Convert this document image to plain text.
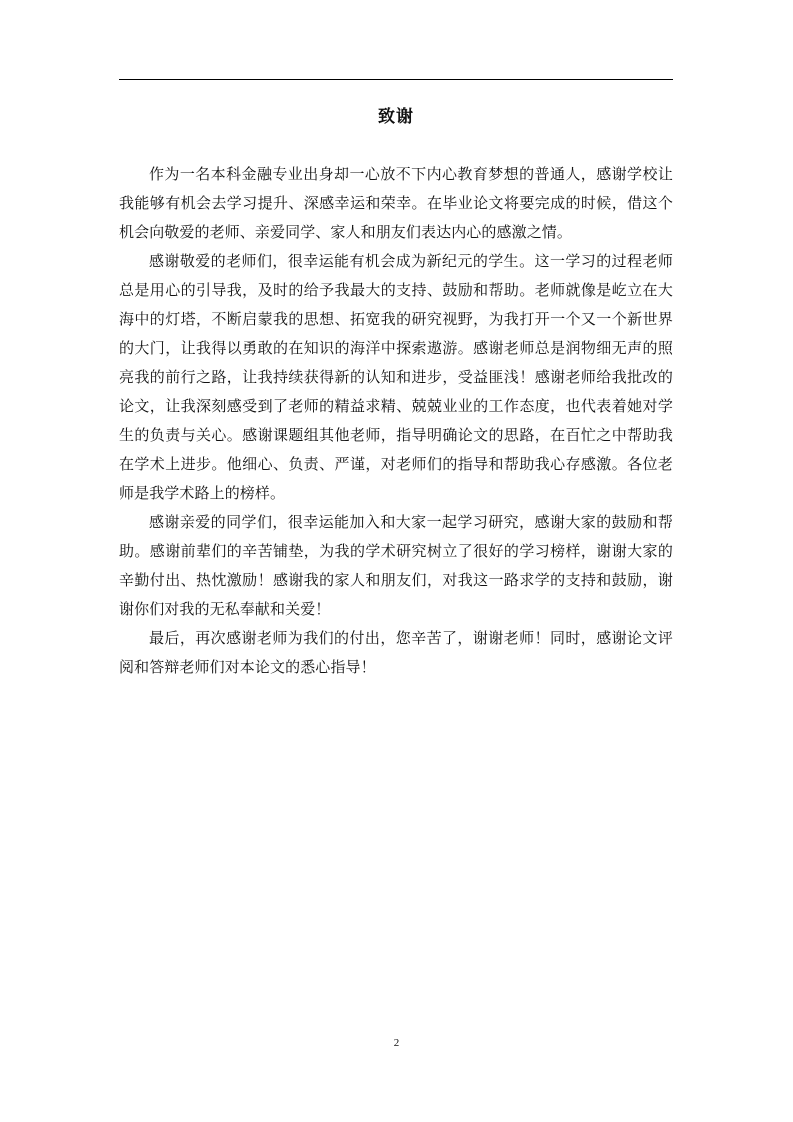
致谢

作为一名本科金融专业出身却一心放不下内心教育梦想的普通人，感谢学校让我能够有机会去学习提升、深感幸运和荣幸。在毕业论文将要完成的时候，借这个机会向敬爱的老师、亲爱同学、家人和朋友们表达内心的感激之情。

感谢敬爱的老师们，很幸运能有机会成为新纪元的学生。这一学习的过程老师总是用心的引导我，及时的给予我最大的支持、鼓励和帮助。老师就像是屹立在大海中的灯塔，不断启蒙我的思想、拓宽我的研究视野，为我打开一个又一个新世界的大门，让我得以勇敢的在知识的海洋中探索遨游。感谢老师总是润物细无声的照亮我的前行之路，让我持续获得新的认知和进步，受益匪浅！感谢老师给我批改的论文，让我深刻感受到了老师的精益求精、兢兢业业的工作态度，也代表着她对学生的负责与关心。感谢课题组其他老师，指导明确论文的思路，在百忙之中帮助我在学术上进步。他细心、负责、严谨，对老师们的指导和帮助我心存感激。各位老师是我学术路上的榜样。

感谢亲爱的同学们，很幸运能加入和大家一起学习研究，感谢大家的鼓励和帮助。感谢前辈们的辛苦铺垫，为我的学术研究树立了很好的学习榜样，谢谢大家的辛勤付出、热忱激励！感谢我的家人和朋友们，对我这一路求学的支持和鼓励，谢谢你们对我的无私奉献和关爱！

最后，再次感谢老师为我们的付出，您辛苦了，谢谢老师！同时，感谢论文评阅和答辩老师们对本论文的悉心指导！

2
